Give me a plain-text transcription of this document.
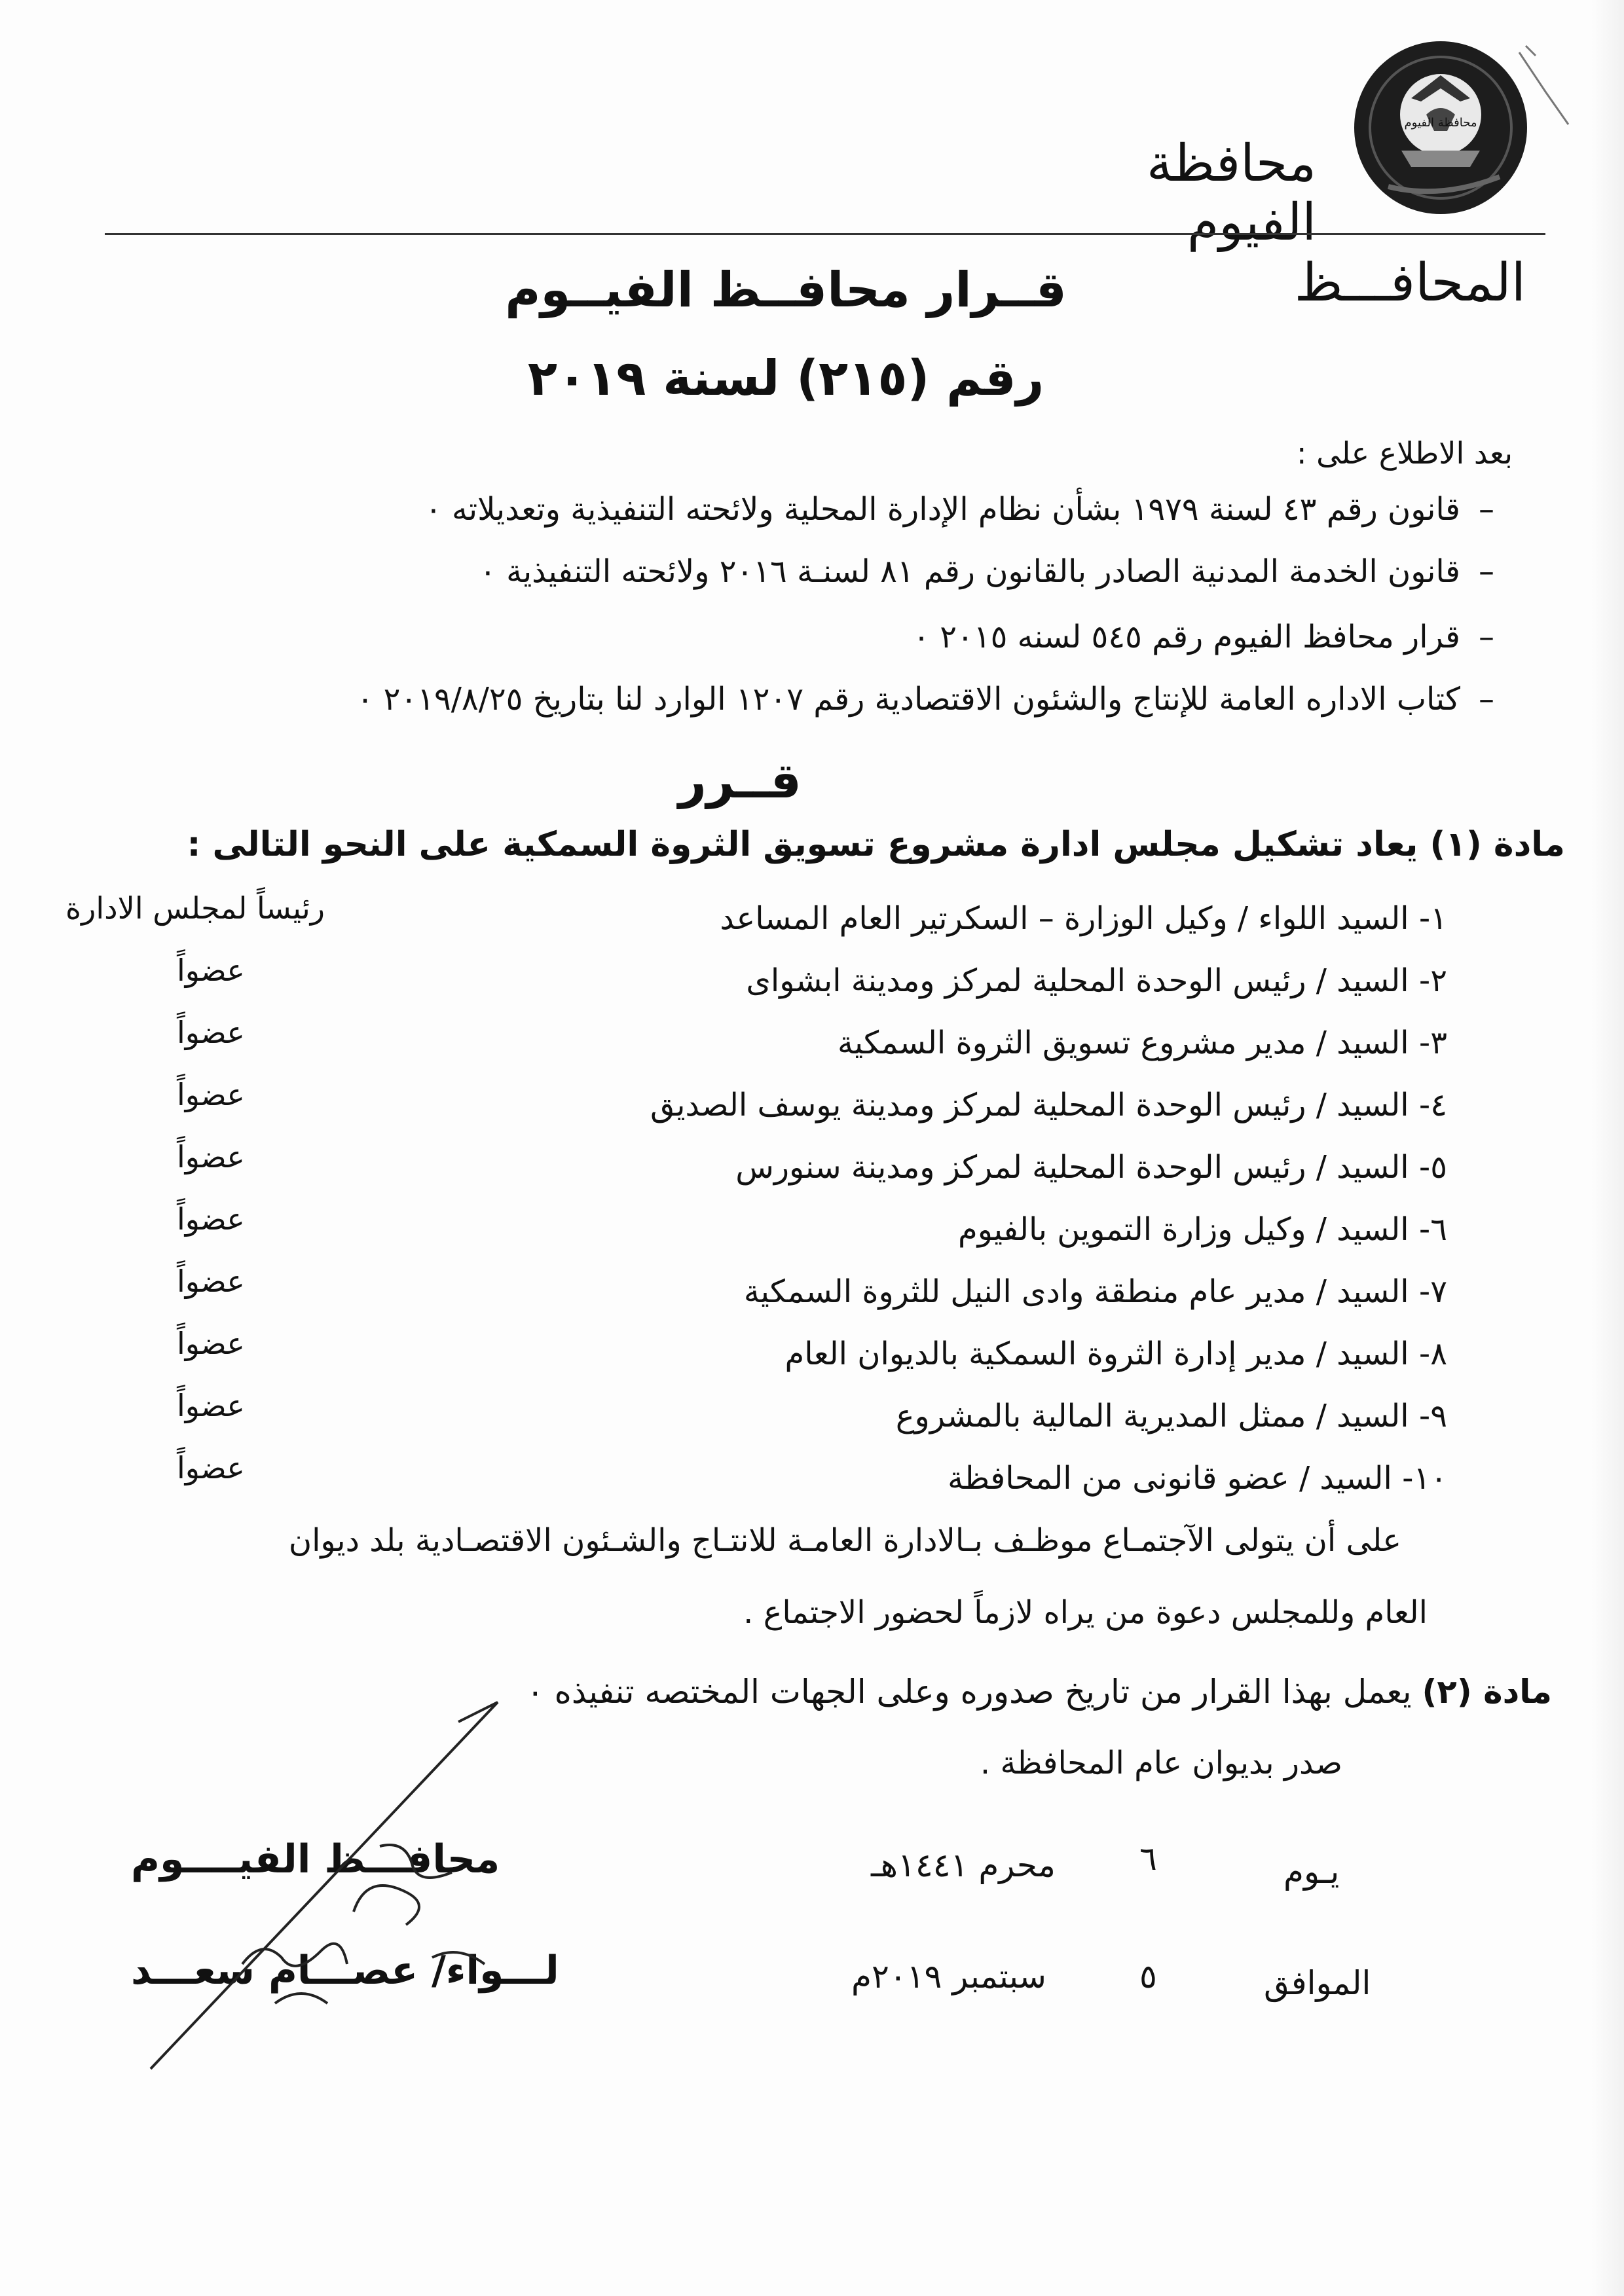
محافظة الفيوم
محافظة الفيوم
المحافـــظ
قــرار محافــظ الفيــوم
رقم (٢١٥) لسنة ٢٠١٩
بعد الاطلاع على :
–قانون رقم ٤٣ لسنة ١٩٧٩ بشأن نظام الإدارة المحلية ولائحته التنفيذية وتعديلاته ٠
–قانون الخدمة المدنية الصادر بالقانون رقم ٨١ لسنـة ٢٠١٦ ولائحته التنفيذية ٠
–قرار محافظ الفيوم رقم ٥٤٥ لسنه ٢٠١٥ ٠
–كتاب الاداره العامة للإنتاج والشئون الاقتصادية رقم ١٢٠٧ الوارد لنا بتاريخ ٢٠١٩/٨/٢٥ ٠
قــرر
مادة (١) يعاد تشكيل مجلس ادارة مشروع تسويق الثروة السمكية على النحو التالى :
١- السيد اللواء / وكيل الوزارة – السكرتير العام المساعد
رئيساً لمجلس الادارة
٢- السيد / رئيس الوحدة المحلية لمركز ومدينة ابشواى
عضواً
٣- السيد / مدير مشروع تسويق الثروة السمكية
عضواً
٤- السيد / رئيس الوحدة المحلية لمركز ومدينة يوسف الصديق
عضواً
٥- السيد / رئيس الوحدة المحلية لمركز ومدينة سنورس
عضواً
٦- السيد / وكيل وزارة التموين بالفيوم
عضواً
٧- السيد / مدير عام منطقة وادى النيل للثروة السمكية
عضواً
٨- السيد / مدير إدارة الثروة السمكية بالديوان العام
عضواً
٩- السيد / ممثل المديرية المالية بالمشروع
عضواً
١٠- السيد / عضو قانونى من المحافظة
عضواً
على أن يتولى الآجتمـاع موظـف بـالادارة العامـة للانتـاج والشـئون الاقتصـادية بلد ديوان
العام وللمجلس دعوة من يراه لازماً لحضور الاجتماع .
مادة (٢) يعمل بهذا القرار من تاريخ صدوره وعلى الجهات المختصه تنفيذه ٠
صدر بديوان عام المحافظة .
يـوم
٦
محرم ١٤٤١هـ
الموافق
٥
سبتمبر ٢٠١٩م
محافـــظ الفيــــوم
لـــواء/ عصـــام سعـــد
